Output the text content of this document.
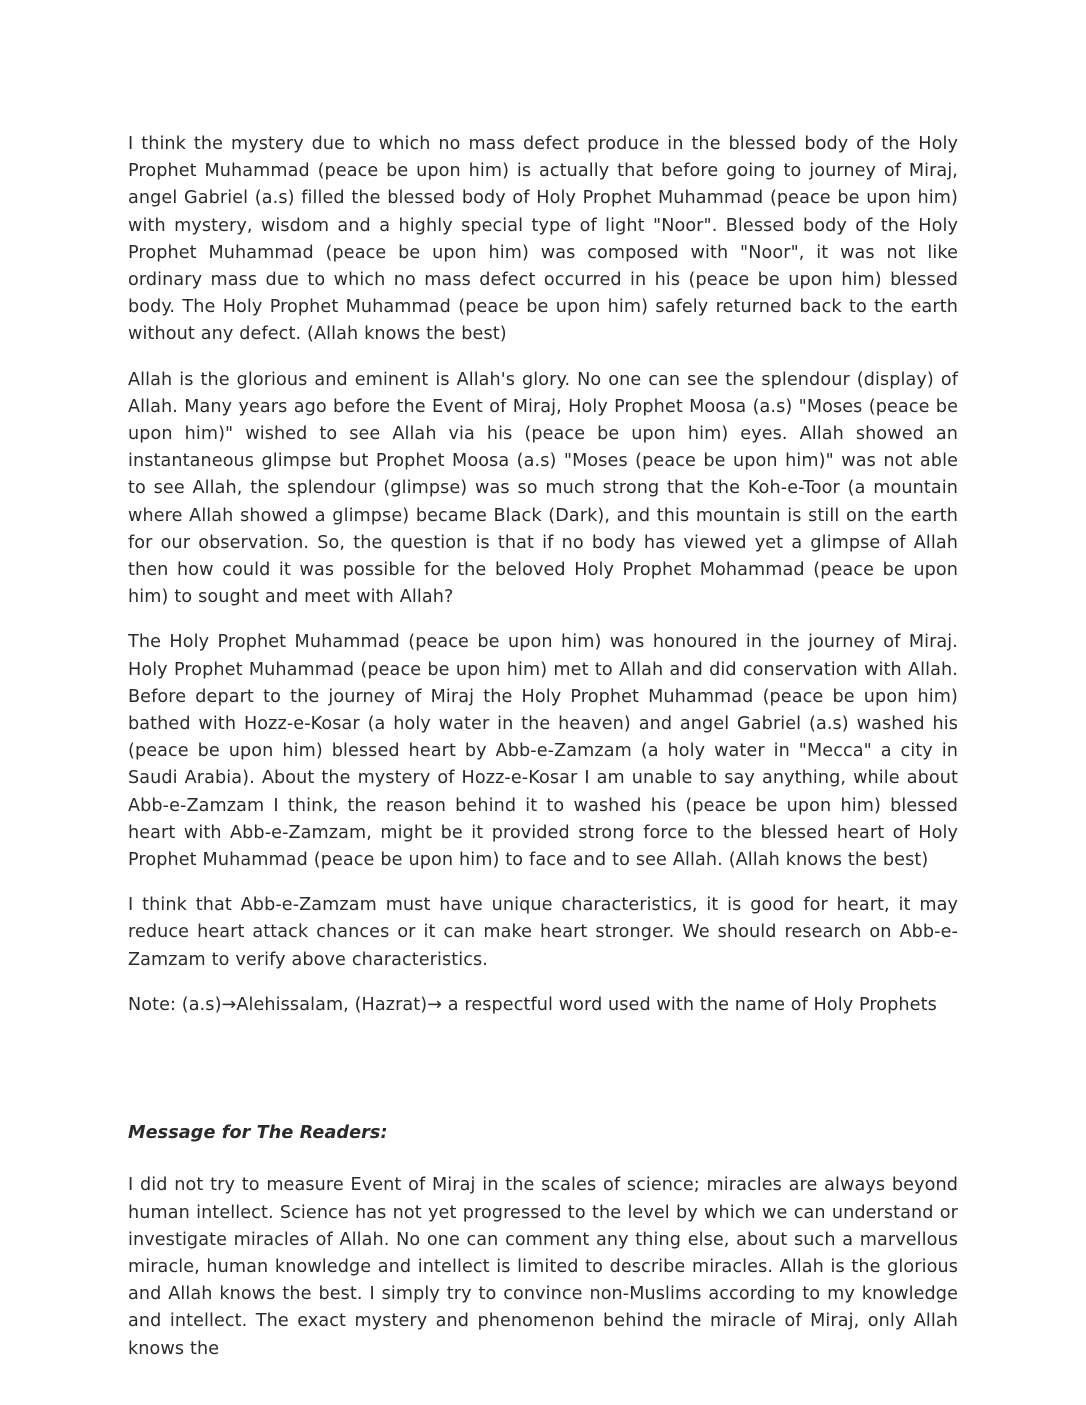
I think the mystery due to which no mass defect produce in the blessed body of the Holy Prophet Muhammad (peace be upon him) is actually that before going to journey of Miraj, angel Gabriel (a.s) filled the blessed body of Holy Prophet Muhammad (peace be upon him) with mystery, wisdom and a highly special type of light "Noor". Blessed body of the Holy Prophet Muhammad (peace be upon him) was composed with "Noor", it was not like ordinary mass due to which no mass defect occurred in his (peace be upon him) blessed body. The Holy Prophet Muhammad (peace be upon him) safely returned back to the earth without any defect. (Allah knows the best)

Allah is the glorious and eminent is Allah's glory. No one can see the splendour (display) of Allah. Many years ago before the Event of Miraj, Holy Prophet Moosa (a.s) "Moses (peace be upon him)" wished to see Allah via his (peace be upon him) eyes. Allah showed an instantaneous glimpse but Prophet Moosa (a.s) "Moses (peace be upon him)" was not able to see Allah, the splendour (glimpse) was so much strong that the Koh-e-Toor (a mountain where Allah showed a glimpse) became Black (Dark), and this mountain is still on the earth for our observation. So, the question is that if no body has viewed yet a glimpse of Allah then how could it was possible for the beloved Holy Prophet Mohammad (peace be upon him) to sought and meet with Allah?

The Holy Prophet Muhammad (peace be upon him) was honoured in the journey of Miraj. Holy Prophet Muhammad (peace be upon him) met to Allah and did conservation with Allah. Before depart to the journey of Miraj the Holy Prophet Muhammad (peace be upon him) bathed with Hozz-e-Kosar (a holy water in the heaven) and angel Gabriel (a.s) washed his (peace be upon him) blessed heart by Abb-e-Zamzam (a holy water in "Mecca" a city in Saudi Arabia). About the mystery of Hozz-e-Kosar I am unable to say anything, while about Abb-e-Zamzam I think, the reason behind it to washed his (peace be upon him) blessed heart with Abb-e-Zamzam, might be it provided strong force to the blessed heart of Holy Prophet Muhammad (peace be upon him) to face and to see Allah. (Allah knows the best)

I think that Abb-e-Zamzam must have unique characteristics, it is good for heart, it may reduce heart attack chances or it can make heart stronger. We should research on Abb-e-Zamzam to verify above characteristics.

Note: (a.s)→Alehissalam, (Hazrat)→ a respectful word used with the name of Holy Prophets

Message for The Readers:

I did not try to measure Event of Miraj in the scales of science; miracles are always beyond human intellect. Science has not yet progressed to the level by which we can understand or investigate miracles of Allah. No one can comment any thing else, about such a marvellous miracle, human knowledge and intellect is limited to describe miracles. Allah is the glorious and Allah knows the best. I simply try to convince non-Muslims according to my knowledge and intellect. The exact mystery and phenomenon behind the miracle of Miraj, only Allah knows the
